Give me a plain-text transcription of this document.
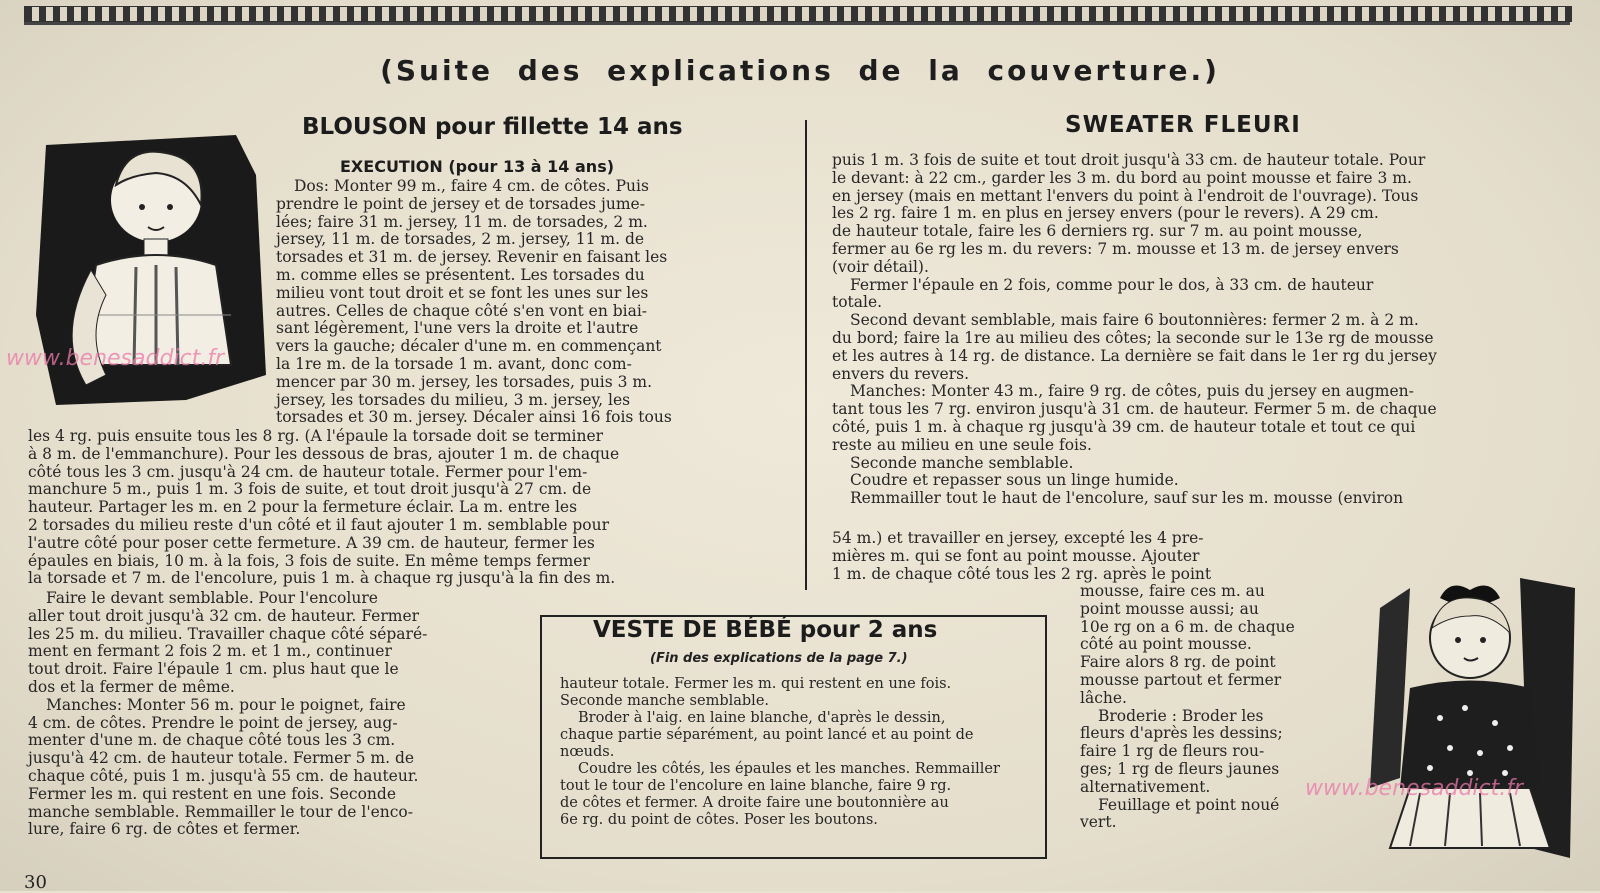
(Suite des explications de la couverture.)
BLOUSON pour fillette 14 ans
EXECUTION (pour 13 à 14 ans)

Dos: Monter 99 m., faire 4 cm. de côtes. Puis

prendre le point de jersey et de torsades jume-

lées; faire 31 m. jersey, 11 m. de torsades, 2 m.

jersey, 11 m. de torsades, 2 m. jersey, 11 m. de

torsades et 31 m. de jersey. Revenir en faisant les

m. comme elles se présentent. Les torsades du

milieu vont tout droit et se font les unes sur les

autres. Celles de chaque côté s'en vont en biai-

sant légèrement, l'une vers la droite et l'autre

vers la gauche; décaler d'une m. en commençant

la 1re m. de la torsade 1 m. avant, donc com-

mencer par 30 m. jersey, les torsades, puis 3 m.

jersey, les torsades du milieu, 3 m. jersey, les

torsades et 30 m. jersey. Décaler ainsi 16 fois tous

les 4 rg. puis ensuite tous les 8 rg. (A l'épaule la torsade doit se terminer

à 8 m. de l'emmanchure). Pour les dessous de bras, ajouter 1 m. de chaque

côté tous les 3 cm. jusqu'à 24 cm. de hauteur totale. Fermer pour l'em-

manchure 5 m., puis 1 m. 3 fois de suite, et tout droit jusqu'à 27 cm. de

hauteur. Partager les m. en 2 pour la fermeture éclair. La m. entre les

2 torsades du milieu reste d'un côté et il faut ajouter 1 m. semblable pour

l'autre côté pour poser cette fermeture. A 39 cm. de hauteur, fermer les

épaules en biais, 10 m. à la fois, 3 fois de suite. En même temps fermer

la torsade et 7 m. de l'encolure, puis 1 m. à chaque rg jusqu'à la fin des m.

Faire le devant semblable. Pour l'encolure

aller tout droit jusqu'à 32 cm. de hauteur. Fermer

les 25 m. du milieu. Travailler chaque côté séparé-

ment en fermant 2 fois 2 m. et 1 m., continuer

tout droit. Faire l'épaule 1 cm. plus haut que le

dos et la fermer de même.

Manches: Monter 56 m. pour le poignet, faire

4 cm. de côtes. Prendre le point de jersey, aug-

menter d'une m. de chaque côté tous les 3 cm.

jusqu'à 42 cm. de hauteur totale. Fermer 5 m. de

chaque côté, puis 1 m. jusqu'à 55 cm. de hauteur.

Fermer les m. qui restent en une fois. Seconde

manche semblable. Remmailler le tour de l'enco-

lure, faire 6 rg. de côtes et fermer.

SWEATER FLEURI

puis 1 m. 3 fois de suite et tout droit jusqu'à 33 cm. de hauteur totale. Pour

le devant: à 22 cm., garder les 3 m. du bord au point mousse et faire 3 m.

en jersey (mais en mettant l'envers du point à l'endroit de l'ouvrage). Tous

les 2 rg. faire 1 m. en plus en jersey envers (pour le revers). A 29 cm.

de hauteur totale, faire les 6 derniers rg. sur 7 m. au point mousse,

fermer au 6e rg les m. du revers: 7 m. mousse et 13 m. de jersey envers

(voir détail).

Fermer l'épaule en 2 fois, comme pour le dos, à 33 cm. de hauteur

totale.

Second devant semblable, mais faire 6 boutonnières: fermer 2 m. à 2 m.

du bord; faire la 1re au milieu des côtes; la seconde sur le 13e rg de mousse

et les autres à 14 rg. de distance. La dernière se fait dans le 1er rg du jersey

envers du revers.

Manches: Monter 43 m., faire 9 rg. de côtes, puis du jersey en augmen-

tant tous les 7 rg. environ jusqu'à 31 cm. de hauteur. Fermer 5 m. de chaque

côté, puis 1 m. à chaque rg jusqu'à 39 cm. de hauteur totale et tout ce qui

reste au milieu en une seule fois.

Seconde manche semblable.

Coudre et repasser sous un linge humide.

Remmailler tout le haut de l'encolure, sauf sur les m. mousse (environ

54 m.) et travailler en jersey, excepté les 4 pre-

mières m. qui se font au point mousse. Ajouter

1 m. de chaque côté tous les 2 rg. après le point

mousse, faire ces m. au

point mousse aussi; au

10e rg on a 6 m. de chaque

côté au point mousse.

Faire alors 8 rg. de point

mousse partout et fermer

lâche.

Broderie : Broder les

fleurs d'après les dessins;

faire 1 rg de fleurs rou-

ges; 1 rg de fleurs jaunes

alternativement.

Feuillage et point noué

vert.

VESTE DE BÉBÉ pour 2 ans
(Fin des explications de la page 7.)

hauteur totale. Fermer les m. qui restent en une fois.

Seconde manche semblable.

Broder à l'aig. en laine blanche, d'après le dessin,

chaque partie séparément, au point lancé et au point de

nœuds.

Coudre les côtés, les épaules et les manches. Remmailler

tout le tour de l'encolure en laine blanche, faire 9 rg.

de côtes et fermer. A droite faire une boutonnière au

6e rg. du point de côtes. Poser les boutons.

30
www.benesaddict.fr
www.benesaddict.fr
